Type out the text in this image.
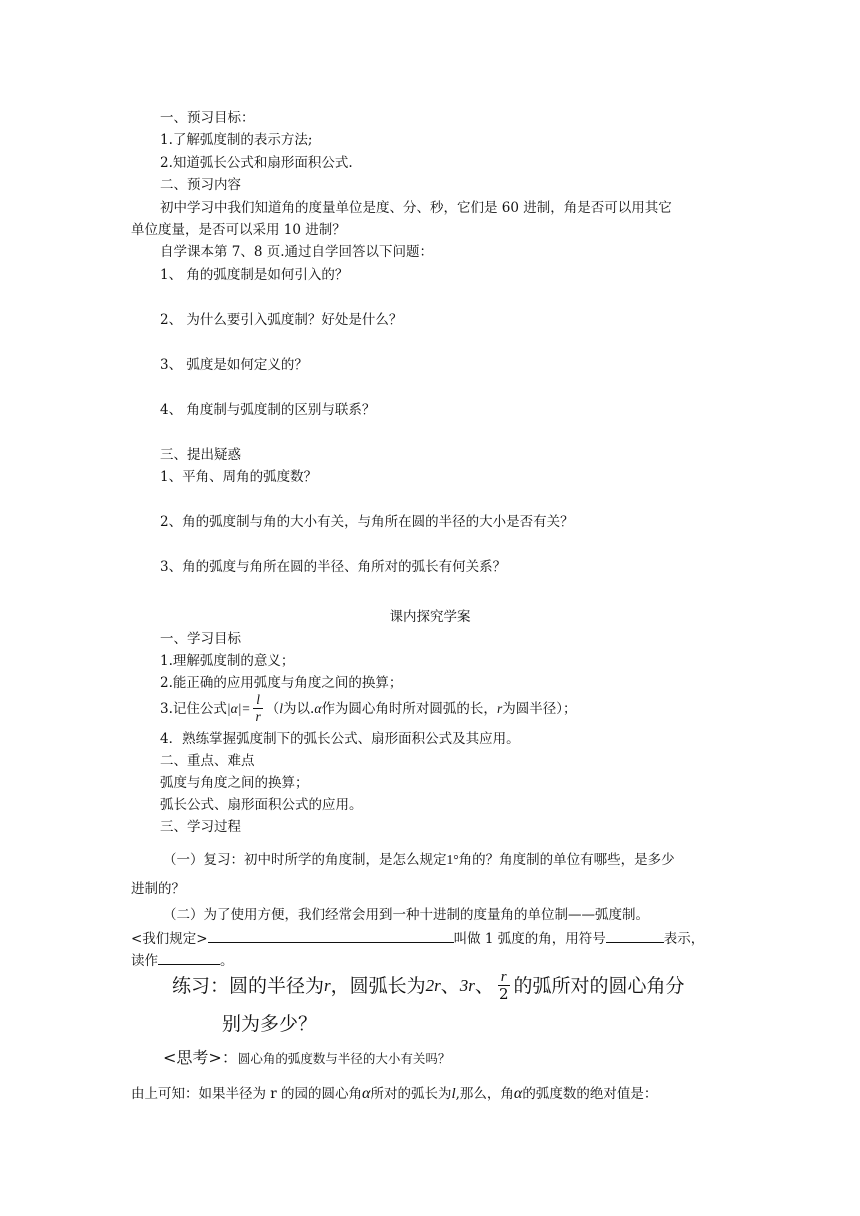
一、预习目标：
1.了解弧度制的表示方法;
2.知道弧长公式和扇形面积公式.
二、预习内容
初中学习中我们知道角的度量单位是度、分、秒，它们是 60 进制，角是否可以用其它
单位度量，是否可以采用 10 进制？
自学课本第 7、8 页.通过自学回答以下问题：
1、 角的弧度制是如何引入的？
2、 为什么要引入弧度制？好处是什么？
3、 弧度是如何定义的？
4、 角度制与弧度制的区别与联系？
三、提出疑惑
1、平角、周角的弧度数？
2、角的弧度制与角的大小有关，与角所在圆的半径的大小是否有关？
3、角的弧度与角所在圆的半径、角所对的弧长有何关系？
课内探究学案
一、学习目标
1.理解弧度制的意义；
2.能正确的应用弧度与角度之间的换算；
3.记住公式 $|\alpha|= \frac{l}{r}$ （ l 为以. α 作为圆心角时所对圆弧的长， r 为圆半径）；
4．熟练掌握弧度制下的弧长公式、扇形面积公式及其应用。
二、重点、难点
弧度与角度之间的换算；
弧长公式、扇形面积公式的应用。
三、学习过程
（一）复习：初中时所学的角度制，是怎么规定1°角的？角度制的单位有哪些，是多少
进制的？
（二）为了使用方便，我们经常会用到一种十进制的度量角的单位制——弧度制。
<我们规定>	叫做 1 弧度的角，用符号	表示，
读作	。
练习：圆的半径为 r ，圆弧长为 2r 、 3r 、 $\frac{r}{2}$ 的弧所对的圆心角分
别为多少？
<思考>：圆心角的弧度数与半径的大小有关吗？
由上可知：如果半径为 r 的园的圆心角α所对的弧长为l,那么，角α的弧度数的绝对值是：
